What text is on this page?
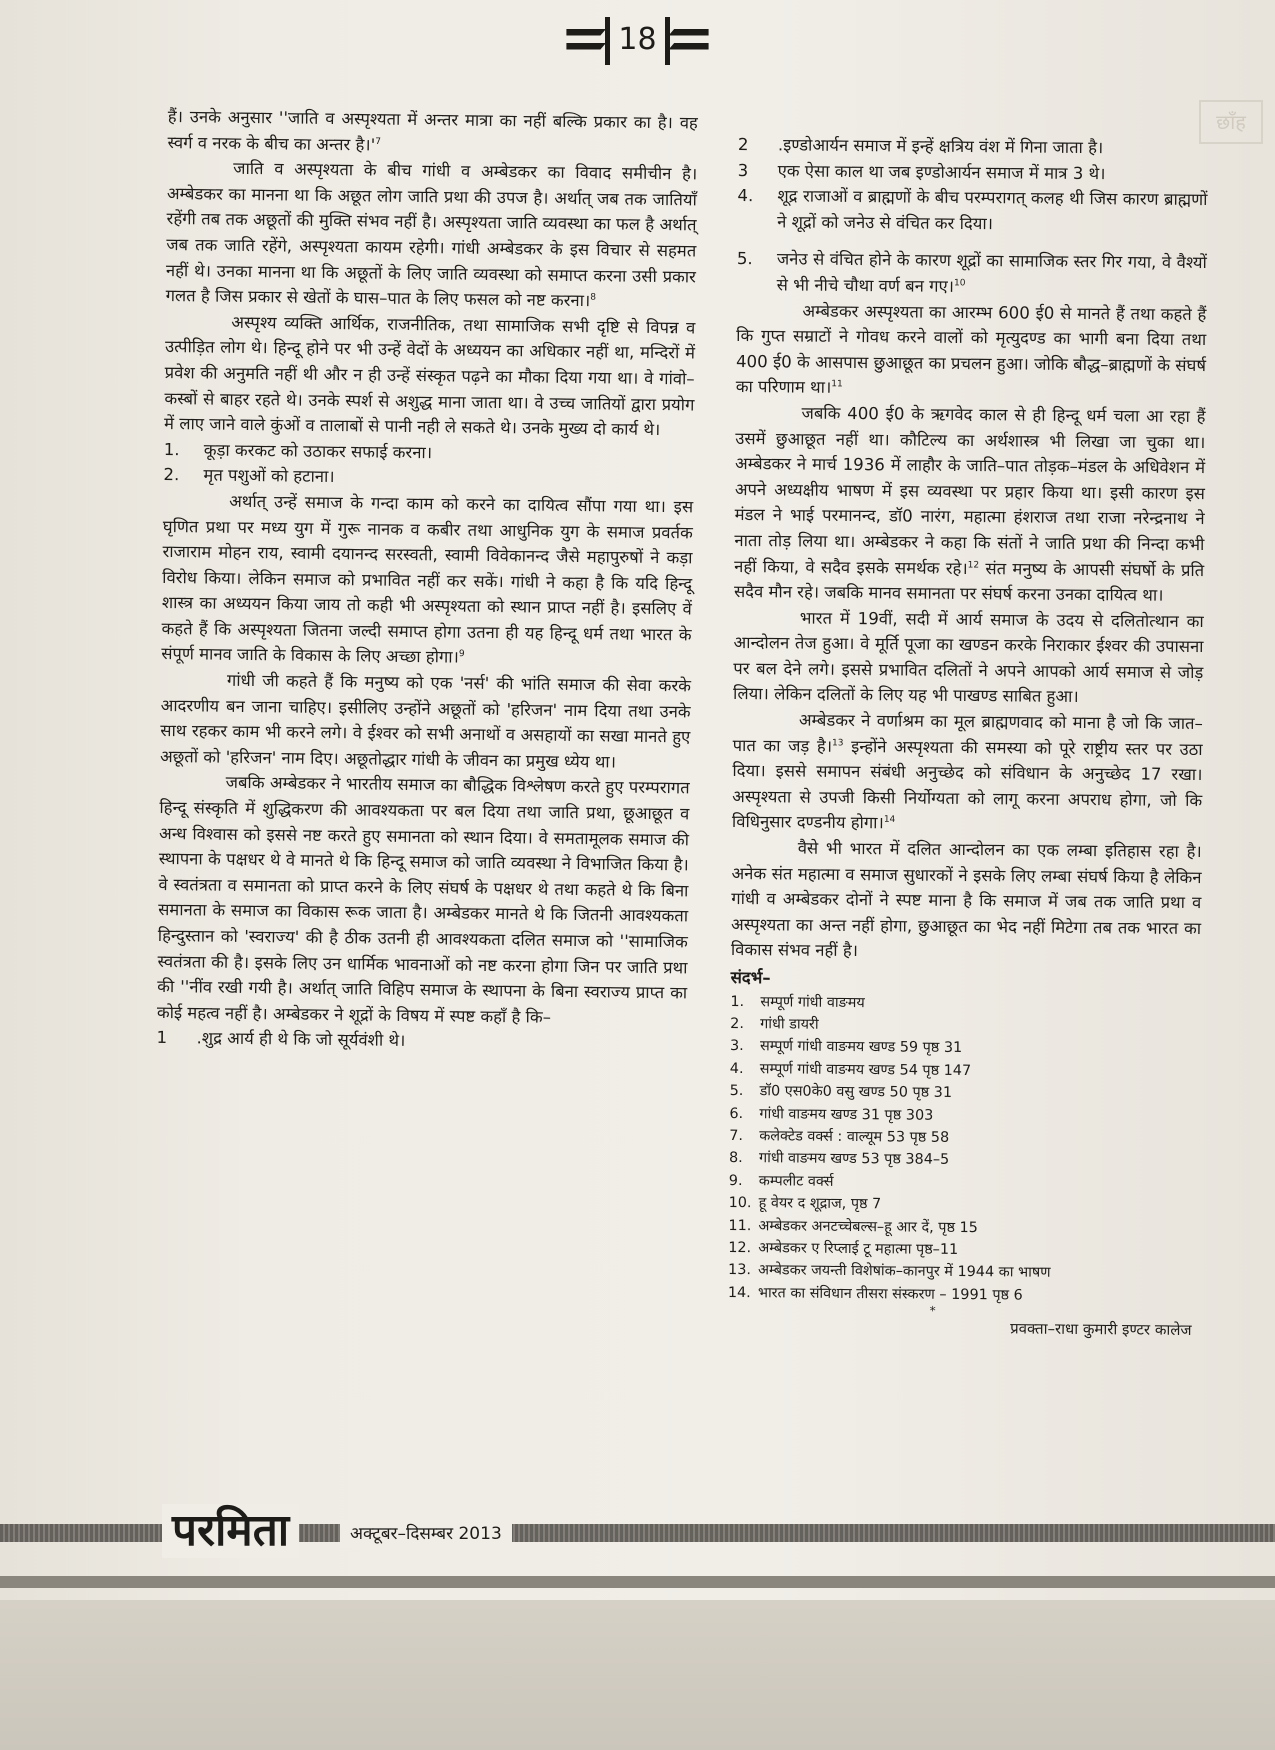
छाँह
18

हैं। उनके अनुसार ''जाति व अस्पृश्यता में अन्तर मात्रा का नहीं बल्कि प्रकार का है। वह स्वर्ग व नरक के बीच का अन्तर है।'$^7$

जाति व अस्पृश्यता के बीच गांधी व अम्बेडकर का विवाद समीचीन है। अम्बेडकर का मानना था कि अछूत लोग जाति प्रथा की उपज है। अर्थात् जब तक जातियाँ रहेंगी तब तक अछूतों की मुक्ति संभव नहीं है। अस्पृश्यता जाति व्यवस्था का फल है अर्थात् जब तक जाति रहेंगे, अस्पृश्यता कायम रहेगी। गांधी अम्बेडकर के इस विचार से सहमत नहीं थे। उनका मानना था कि अछूतों के लिए जाति व्यवस्था को समाप्त करना उसी प्रकार गलत है जिस प्रकार से खेतों के घास–पात के लिए फसल को नष्ट करना।$^8$

अस्पृश्य व्यक्ति आर्थिक, राजनीतिक, तथा सामाजिक सभी दृष्टि से विपन्न व उत्पीड़ित लोग थे। हिन्दू होने पर भी उन्हें वेदों के अध्ययन का अधिकार नहीं था, मन्दिरों में प्रवेश की अनुमति नहीं थी और न ही उन्हें संस्कृत पढ़ने का मौका दिया गया था। वे गांवो–कस्बों से बाहर रहते थे। उनके स्पर्श से अशुद्ध माना जाता था। वे उच्च जातियों द्वारा प्रयोग में लाए जाने वाले कुंओं व तालाबों से पानी नही ले सकते थे। उनके मुख्य दो कार्य थे।

1.	कूड़ा करकट को उठाकर सफाई करना।
2.	मृत पशुओं को हटाना।

अर्थात् उन्हें समाज के गन्दा काम को करने का दायित्व सौंपा गया था। इस घृणित प्रथा पर मध्य युग में गुरू नानक व कबीर तथा आधुनिक युग के समाज प्रवर्तक राजाराम मोहन राय, स्वामी दयानन्द सरस्वती, स्वामी विवेकानन्द जैसे महापुरुषों ने कड़ा विरोध किया। लेकिन समाज को प्रभावित नहीं कर सकें। गांधी ने कहा है कि यदि हिन्दू शास्त्र का अध्ययन किया जाय तो कही भी अस्पृश्यता को स्थान प्राप्त नहीं है। इसलिए वें कहते हैं कि अस्पृश्यता जितना जल्दी समाप्त होगा उतना ही यह हिन्दू धर्म तथा भारत के संपूर्ण मानव जाति के विकास के लिए अच्छा होगा।$^9$

गांधी जी कहते हैं कि मनुष्य को एक 'नर्स' की भांति समाज की सेवा करके आदरणीय बन जाना चाहिए। इसीलिए उन्होंने अछूतों को 'हरिजन' नाम दिया तथा उनके साथ रहकर काम भी करने लगे। वे ईश्वर को सभी अनाथों व असहायों का सखा मानते हुए अछूतों को 'हरिजन' नाम दिए। अछूतोद्धार गांधी के जीवन का प्रमुख ध्येय था।

जबकि अम्बेडकर ने भारतीय समाज का बौद्धिक विश्लेषण करते हुए परम्परागत हिन्दू संस्कृति में शुद्धिकरण की आवश्यकता पर बल दिया तथा जाति प्रथा, छूआछूत व अन्ध विश्वास को इससे नष्ट करते हुए समानता को स्थान दिया। वे समतामूलक समाज की स्थापना के पक्षधर थे वे मानते थे कि हिन्दू समाज को जाति व्यवस्था ने विभाजित किया है। वे स्वतंत्रता व समानता को प्राप्त करने के लिए संघर्ष के पक्षधर थे तथा कहते थे कि बिना समानता के समाज का विकास रूक जाता है। अम्बेडकर मानते थे कि जितनी आवश्यकता हिन्दुस्तान को 'स्वराज्य' की है ठीक उतनी ही आवश्यकता दलित समाज को ''सामाजिक स्वतंत्रता की है। इसके लिए उन धार्मिक भावनाओं को नष्ट करना होगा जिन पर जाति प्रथा की ''नींव रखी गयी है। अर्थात् जाति विहिप समाज के स्थापना के बिना स्वराज्य प्राप्त का कोई महत्व नहीं है। अम्बेडकर ने शूद्रों के विषय में स्पष्ट कहाँ है कि–

1	.शुद्र आर्य ही थे कि जो सूर्यवंशी थे।
2	.इण्डोआर्यन समाज में इन्हें क्षत्रिय वंश में गिना जाता है।
3	एक ऐसा काल था जब इण्डोआर्यन समाज में मात्र 3 थे।
4.	शूद्र राजाओं व ब्राह्मणों के बीच परम्परागत् कलह थी जिस कारण ब्राह्मणों ने शूद्रों को जनेउ से वंचित कर दिया।
5.	जनेउ से वंचित होने के कारण शूद्रों का सामाजिक स्तर गिर गया, वे वैश्यों से भी नीचे चौथा वर्ण बन गए।$^{10}$

अम्बेडकर अस्पृश्यता का आरम्भ 600 ई0 से मानते हैं तथा कहते हैं कि गुप्त सम्राटों ने गोवध करने वालों को मृत्युदण्ड का भागी बना दिया तथा 400 ई0 के आसपास छुआछूत का प्रचलन हुआ। जोकि बौद्ध–ब्राह्मणों के संघर्ष का परिणाम था।$^{11}$

जबकि 400 ई0 के ऋगवेद काल से ही हिन्दू धर्म चला आ रहा हैं उसमें छुआछूत नहीं था। कौटिल्य का अर्थशास्त्र भी लिखा जा चुका था। अम्बेडकर ने मार्च 1936 में लाहौर के जाति–पात तोड़क–मंडल के अधिवेशन में अपने अध्यक्षीय भाषण में इस व्यवस्था पर प्रहार किया था। इसी कारण इस मंडल ने भाई परमानन्द, डॉ0 नारंग, महात्मा हंशराज तथा राजा नरेन्द्रनाथ ने नाता तोड़ लिया था। अम्बेडकर ने कहा कि संतों ने जाति प्रथा की निन्दा कभी नहीं किया, वे सदैव इसके समर्थक रहे।$^{12}$ संत मनुष्य के आपसी संघर्षो के प्रति सदैव मौन रहे। जबकि मानव समानता पर संघर्ष करना उनका दायित्व था।

भारत में 19वीं, सदी में आर्य समाज के उदय से दलितोत्थान का आन्दोलन तेज हुआ। वे मूर्ति पूजा का खण्डन करके निराकार ईश्वर की उपासना पर बल देने लगे। इससे प्रभावित दलितों ने अपने आपको आर्य समाज से जोड़ लिया। लेकिन दलितों के लिए यह भी पाखण्ड साबित हुआ।

अम्बेडकर ने वर्णाश्रम का मूल ब्राह्मणवाद को माना है जो कि जात–पात का जड़ है।$^{13}$ इन्होंने अस्पृश्यता की समस्या को पूरे राष्ट्रीय स्तर पर उठा दिया। इससे समापन संबंधी अनुच्छेद को संविधान के अनुच्छेद 17 रखा। अस्पृश्यता से उपजी किसी निर्योग्यता को लागू करना अपराध होगा, जो कि विधिनुसार दण्डनीय होगा।$^{14}$

वैसे भी भारत में दलित आन्दोलन का एक लम्बा इतिहास रहा है। अनेक संत महात्मा व समाज सुधारकों ने इसके लिए लम्बा संघर्ष किया है लेकिन गांधी व अम्बेडकर दोनों ने स्पष्ट माना है कि समाज में जब तक जाति प्रथा व अस्पृश्यता का अन्त नहीं होगा, छुआछूत का भेद नहीं मिटेगा तब तक भारत का विकास संभव नहीं है।

संदर्भ–
1.	सम्पूर्ण गांधी वाङमय
2.	गांधी डायरी
3.	सम्पूर्ण गांधी वाङमय खण्ड 59 पृष्ठ 31
4.	सम्पूर्ण गांधी वाङमय खण्ड 54 पृष्ठ 147
5.	डॉ0 एस0के0 वसु खण्ड 50 पृष्ठ 31
6.	गांधी वाङमय खण्ड 31 पृष्ठ 303
7.	कलेक्टेड वर्क्स : वाल्यूम 53 पृष्ठ 58
8.	गांधी वाङमय खण्ड 53 पृष्ठ 384–5
9.	कम्पलीट वर्क्स
10. हू वेयर द शूद्राज, पृष्ठ 7
11. अम्बेडकर अनटच्चेबल्स–हू आर दें, पृष्ठ 15
12. अम्बेडकर ए रिप्लाई टू महात्मा पृष्ठ–11
13. अम्बेडकर जयन्ती विशेषांक–कानपुर में 1944 का भाषण
14. भारत का संविधान तीसरा संस्करण – 1991 पृष्ठ 6
*
प्रवक्ता–राधा कुमारी इण्टर कालेज
परमिता	अक्टूबर–दिसम्बर 2013
